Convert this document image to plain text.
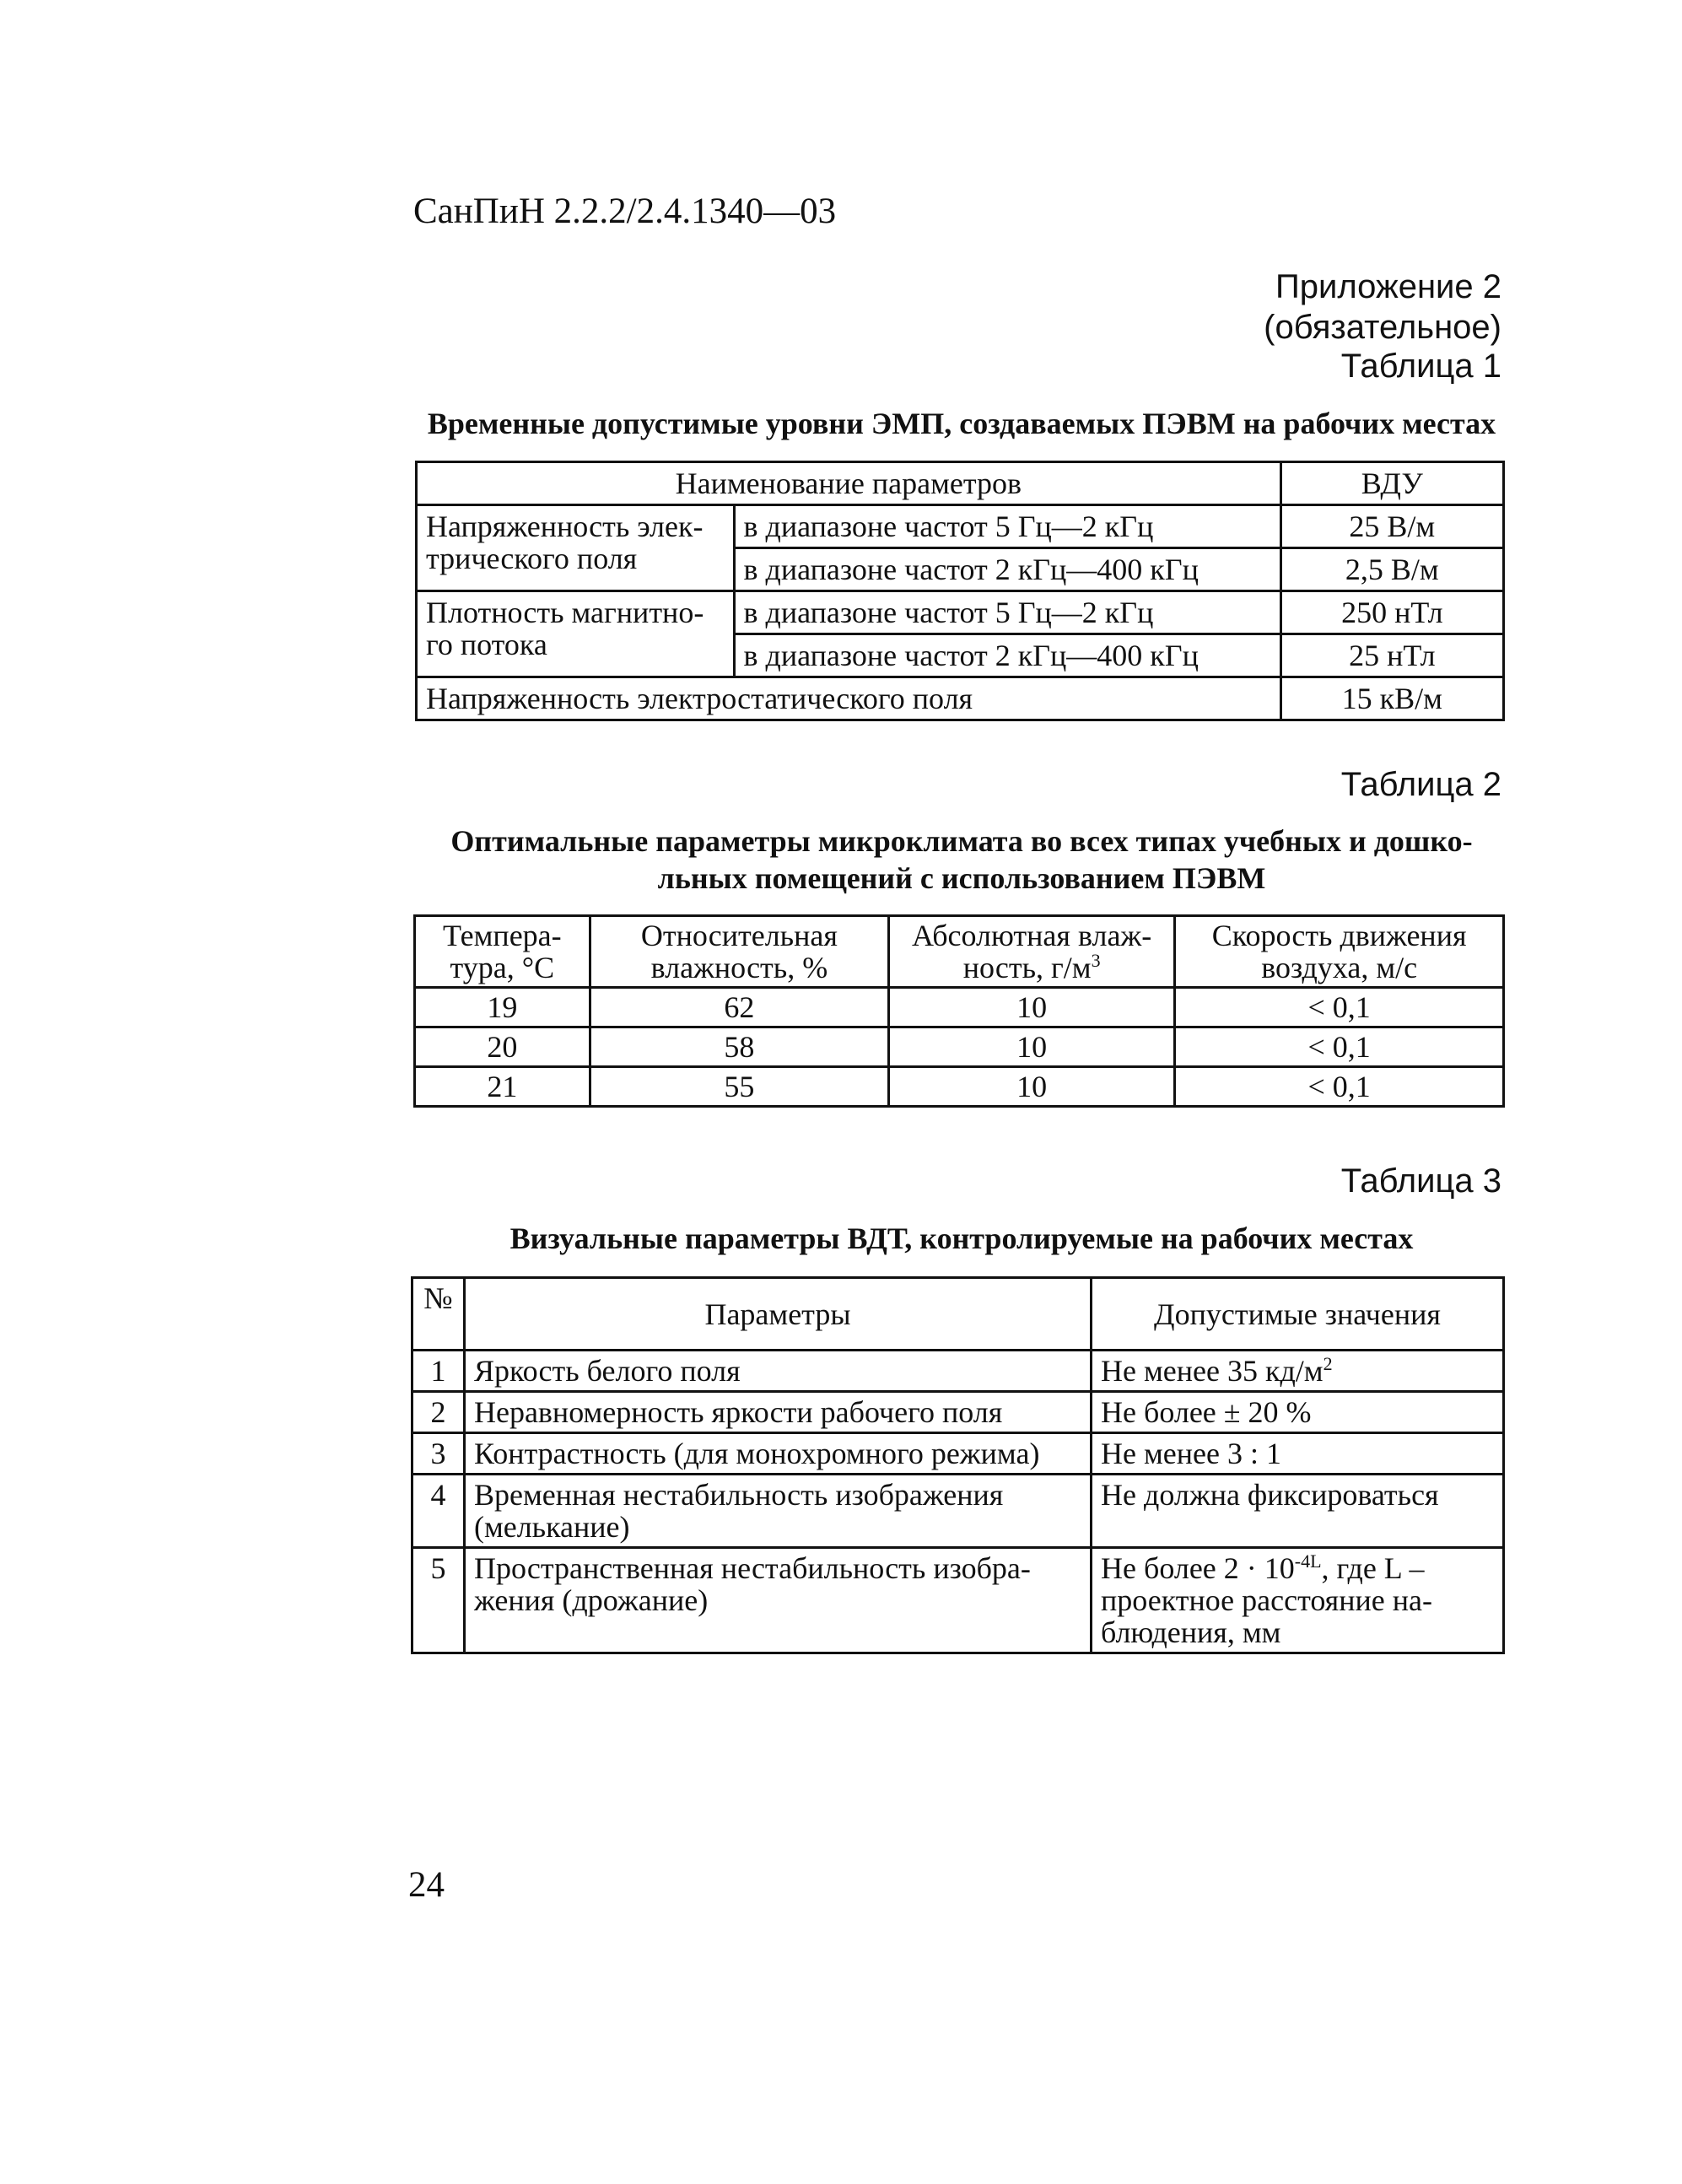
СанПиН 2.2.2/2.4.1340—03
Приложение 2
(обязательное)
Таблица 1
Временные допустимые уровни ЭМП, создаваемых ПЭВМ на рабочих местах
Наименование параметров		ВДУ
Напряженность элек- трического поля	в диапазоне частот 5 Гц—2 кГц	25 В/м
	в диапазоне частот 2 кГц—400 кГц	2,5 В/м
Плотность магнитно- го потока	в диапазоне частот 5 Гц—2 кГц	250 нТл
	в диапазоне частот 2 кГц—400 кГц	25 нТл
Напряженность электростатического поля		15 кВ/м
Таблица 2
Оптимальные параметры микроклимата во всех типах учебных и дошко-
льных помещений с использованием ПЭВМ
Темпера- тура, °С	Относительная влажность, %	Абсолютная влаж- ность, $г/м^3$	Скорость движения воздуха, м/с
19	62	10	< 0,1
20	58	10	< 0,1
21	55	10	< 0,1
Таблица 3
Визуальные параметры ВДТ, контролируемые на рабочих местах
№	Параметры	Допустимые значения
1	Яркость белого поля	Не менее 35 $кд/м^2$
2	Неравномерность яркости рабочего поля	Не более ± 20 %
3	Контрастность (для монохромного режима)	Не менее 3 : 1
4	Временная нестабильность изображения (мелькание)	Не должна фиксироваться
5	Пространственная нестабильность изобра- жения (дрожание)	Не более $2 \cdot 10^{-4L}$, где L – проектное расстояние на- блюдения, мм
24
